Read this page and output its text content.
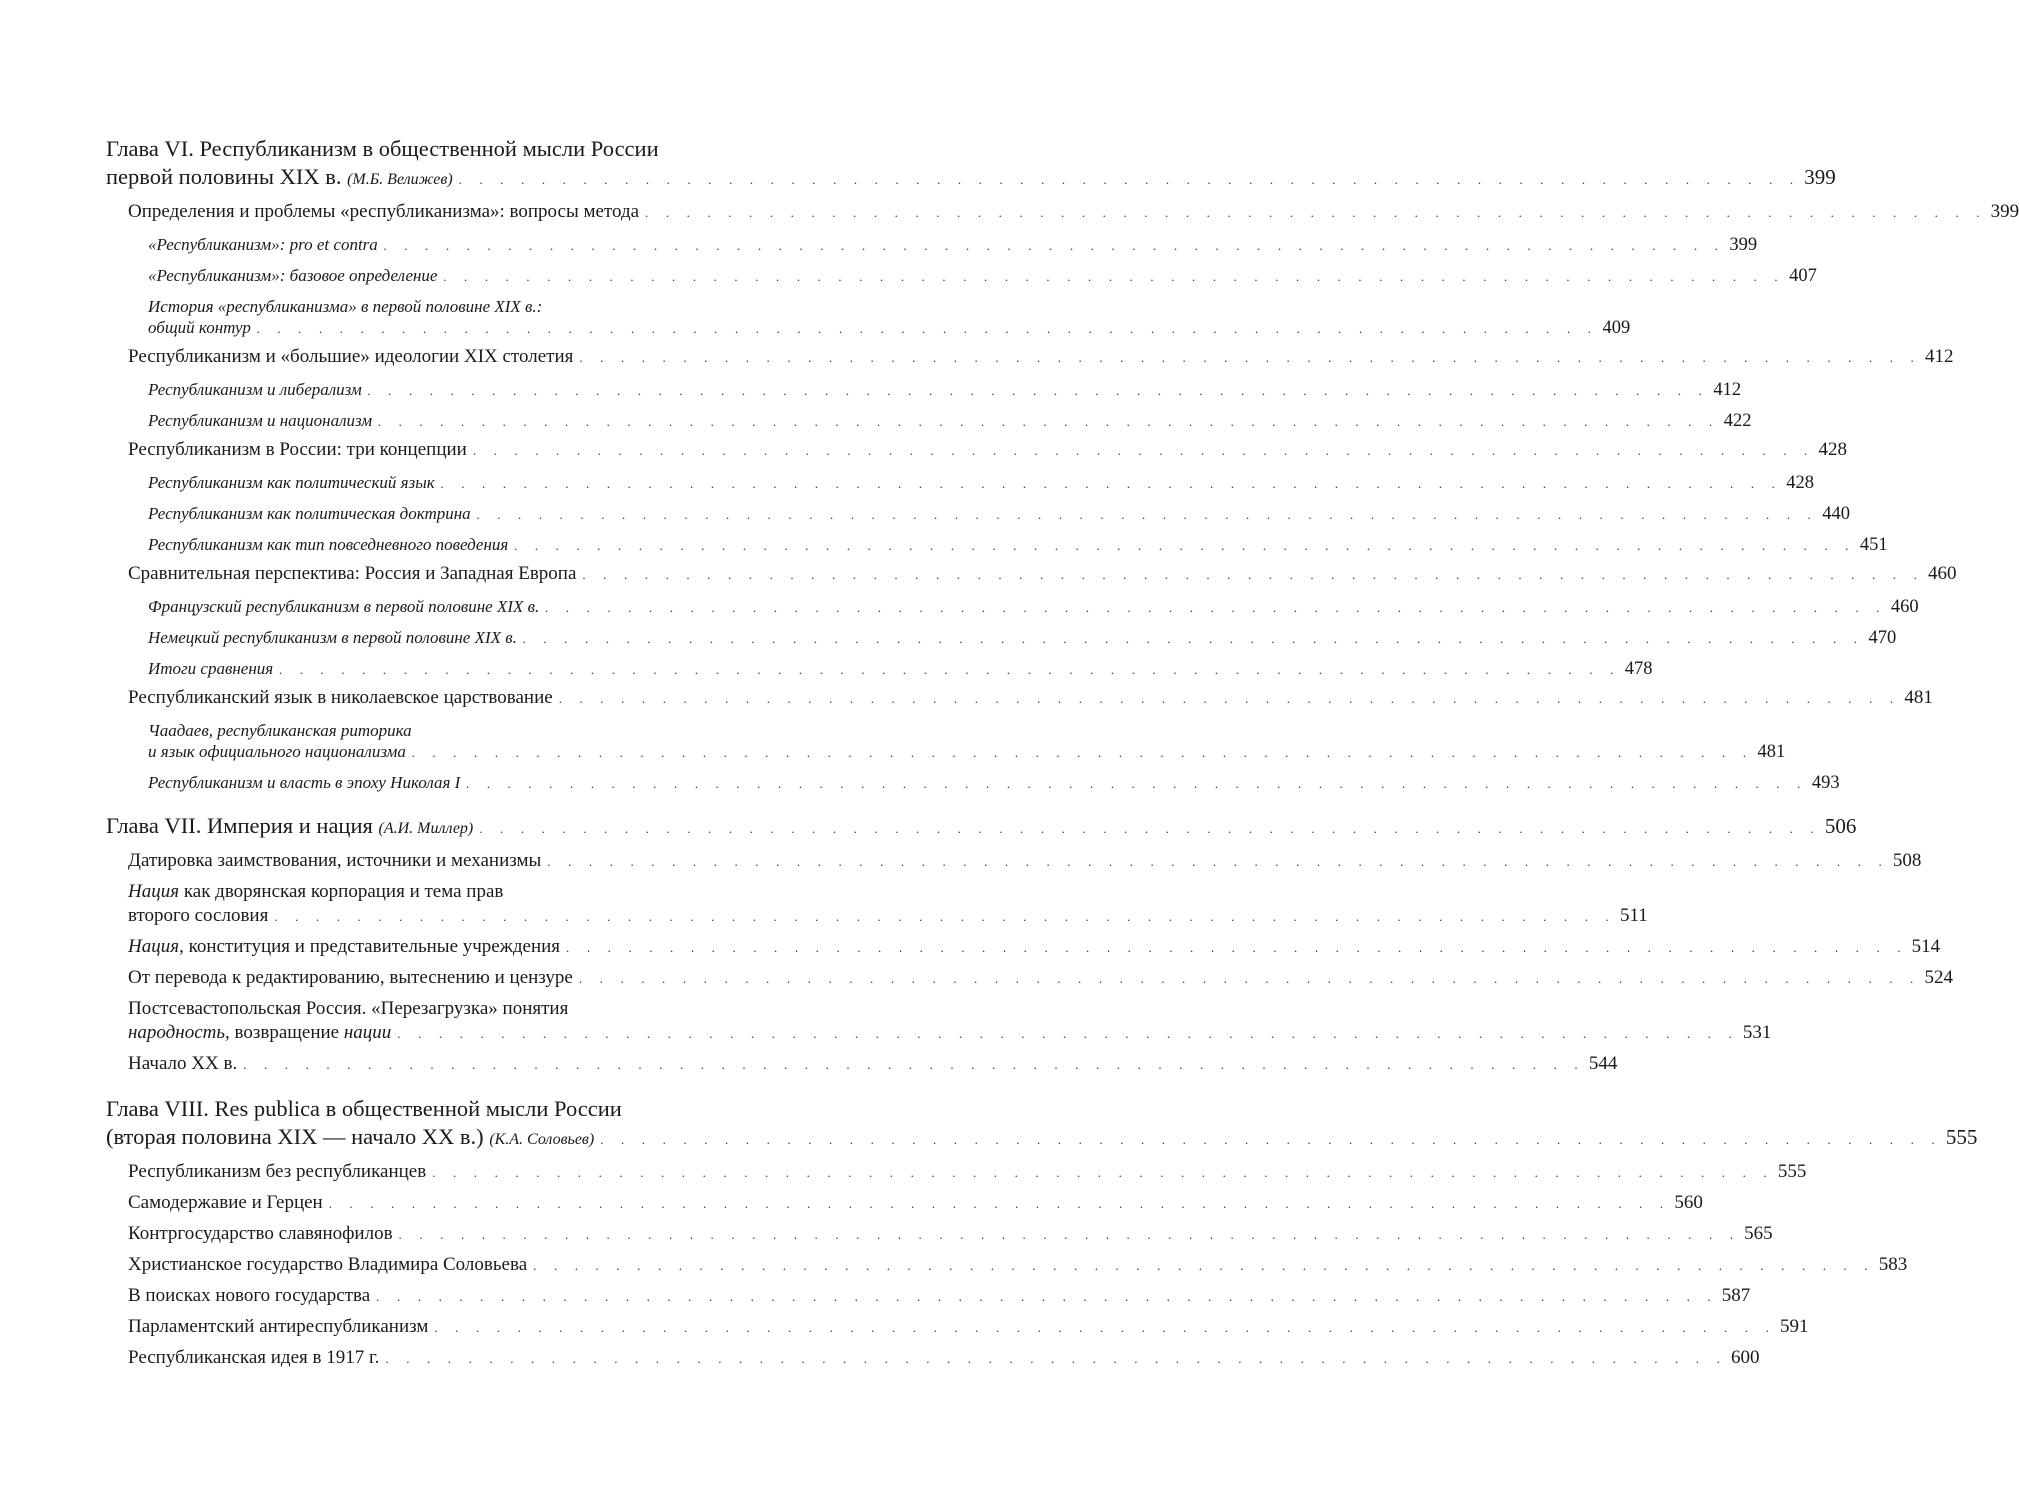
Глава VI. Республиканизм в общественной мысли России
первой половины XIX в. (М.Б. Велижев) . . . . . . . . . . . . . . . . . . . . . . . . . . . . . . . . . . . . . . . . . . . . . . . . . . . . . . . . . . . . . . . . . 399
Определения и проблемы «республиканизма»: вопросы метода . . . . . . . . . . . . . . . . . . . . . . . . . . . . . . . . . . . . . . . . . . . . . . . . . . . . . . . . . . . . . . . . . 399
«Республиканизм»: pro et contra . . . . . . . . . . . . . . . . . . . . . . . . . . . . . . . . . . . . . . . . . . . . . . . . . . . . . . . . . . . . . . . . . 399
«Республиканизм»: базовое определение . . . . . . . . . . . . . . . . . . . . . . . . . . . . . . . . . . . . . . . . . . . . . . . . . . . . . . . . . . . . . . . . . 407
История «республиканизма» в первой половине XIX в.:
общий контур . . . . . . . . . . . . . . . . . . . . . . . . . . . . . . . . . . . . . . . . . . . . . . . . . . . . . . . . . . . . . . . . . 409
Республиканизм и «большие» идеологии XIX столетия . . . . . . . . . . . . . . . . . . . . . . . . . . . . . . . . . . . . . . . . . . . . . . . . . . . . . . . . . . . . . . . . . 412
Республиканизм и либерализм . . . . . . . . . . . . . . . . . . . . . . . . . . . . . . . . . . . . . . . . . . . . . . . . . . . . . . . . . . . . . . . . . 412
Республиканизм и национализм . . . . . . . . . . . . . . . . . . . . . . . . . . . . . . . . . . . . . . . . . . . . . . . . . . . . . . . . . . . . . . . . . 422
Республиканизм в России: три концепции . . . . . . . . . . . . . . . . . . . . . . . . . . . . . . . . . . . . . . . . . . . . . . . . . . . . . . . . . . . . . . . . . 428
Республиканизм как политический язык . . . . . . . . . . . . . . . . . . . . . . . . . . . . . . . . . . . . . . . . . . . . . . . . . . . . . . . . . . . . . . . . . 428
Республиканизм как политическая доктрина . . . . . . . . . . . . . . . . . . . . . . . . . . . . . . . . . . . . . . . . . . . . . . . . . . . . . . . . . . . . . . . . . 440
Республиканизм как тип повседневного поведения . . . . . . . . . . . . . . . . . . . . . . . . . . . . . . . . . . . . . . . . . . . . . . . . . . . . . . . . . . . . . . . . . 451
Сравнительная перспектива: Россия и Западная Европа . . . . . . . . . . . . . . . . . . . . . . . . . . . . . . . . . . . . . . . . . . . . . . . . . . . . . . . . . . . . . . . . . 460
Французский республиканизм в первой половине XIX в. . . . . . . . . . . . . . . . . . . . . . . . . . . . . . . . . . . . . . . . . . . . . . . . . . . . . . . . . . . . . . . . . . 460
Немецкий республиканизм в первой половине XIX в. . . . . . . . . . . . . . . . . . . . . . . . . . . . . . . . . . . . . . . . . . . . . . . . . . . . . . . . . . . . . . . . . . 470
Итоги сравнения . . . . . . . . . . . . . . . . . . . . . . . . . . . . . . . . . . . . . . . . . . . . . . . . . . . . . . . . . . . . . . . . . 478
Республиканский язык в николаевское царствование . . . . . . . . . . . . . . . . . . . . . . . . . . . . . . . . . . . . . . . . . . . . . . . . . . . . . . . . . . . . . . . . . 481
Чаадаев, республиканская риторика
и язык официального национализма . . . . . . . . . . . . . . . . . . . . . . . . . . . . . . . . . . . . . . . . . . . . . . . . . . . . . . . . . . . . . . . . . 481
Республиканизм и власть в эпоху Николая I . . . . . . . . . . . . . . . . . . . . . . . . . . . . . . . . . . . . . . . . . . . . . . . . . . . . . . . . . . . . . . . . . 493
Глава VII. Империя и нация (А.И. Миллер) . . . . . . . . . . . . . . . . . . . . . . . . . . . . . . . . . . . . . . . . . . . . . . . . . . . . . . . . . . . . . . . . . 506
Датировка заимствования, источники и механизмы . . . . . . . . . . . . . . . . . . . . . . . . . . . . . . . . . . . . . . . . . . . . . . . . . . . . . . . . . . . . . . . . . 508
Нация как дворянская корпорация и тема прав
второго сословия . . . . . . . . . . . . . . . . . . . . . . . . . . . . . . . . . . . . . . . . . . . . . . . . . . . . . . . . . . . . . . . . . 511
Нация, конституция и представительные учреждения . . . . . . . . . . . . . . . . . . . . . . . . . . . . . . . . . . . . . . . . . . . . . . . . . . . . . . . . . . . . . . . . . 514
От перевода к редактированию, вытеснению и цензуре . . . . . . . . . . . . . . . . . . . . . . . . . . . . . . . . . . . . . . . . . . . . . . . . . . . . . . . . . . . . . . . . . 524
Постсевастопольская Россия. «Перезагрузка» понятия
народность, возвращение нации . . . . . . . . . . . . . . . . . . . . . . . . . . . . . . . . . . . . . . . . . . . . . . . . . . . . . . . . . . . . . . . . . 531
Начало XX в. . . . . . . . . . . . . . . . . . . . . . . . . . . . . . . . . . . . . . . . . . . . . . . . . . . . . . . . . . . . . . . . . . 544
Глава VIII. Res publica в общественной мысли России
(вторая половина XIX — начало XX в.) (К.А. Соловьев) . . . . . . . . . . . . . . . . . . . . . . . . . . . . . . . . . . . . . . . . . . . . . . . . . . . . . . . . . . . . . . . . . 555
Республиканизм без республиканцев . . . . . . . . . . . . . . . . . . . . . . . . . . . . . . . . . . . . . . . . . . . . . . . . . . . . . . . . . . . . . . . . . 555
Самодержавие и Герцен . . . . . . . . . . . . . . . . . . . . . . . . . . . . . . . . . . . . . . . . . . . . . . . . . . . . . . . . . . . . . . . . . 560
Контргосударство славянофилов . . . . . . . . . . . . . . . . . . . . . . . . . . . . . . . . . . . . . . . . . . . . . . . . . . . . . . . . . . . . . . . . . 565
Христианское государство Владимира Соловьева . . . . . . . . . . . . . . . . . . . . . . . . . . . . . . . . . . . . . . . . . . . . . . . . . . . . . . . . . . . . . . . . . 583
В поисках нового государства . . . . . . . . . . . . . . . . . . . . . . . . . . . . . . . . . . . . . . . . . . . . . . . . . . . . . . . . . . . . . . . . . 587
Парламентский антиреспубликанизм . . . . . . . . . . . . . . . . . . . . . . . . . . . . . . . . . . . . . . . . . . . . . . . . . . . . . . . . . . . . . . . . . 591
Республиканская идея в 1917 г. . . . . . . . . . . . . . . . . . . . . . . . . . . . . . . . . . . . . . . . . . . . . . . . . . . . . . . . . . . . . . . . . . 600
